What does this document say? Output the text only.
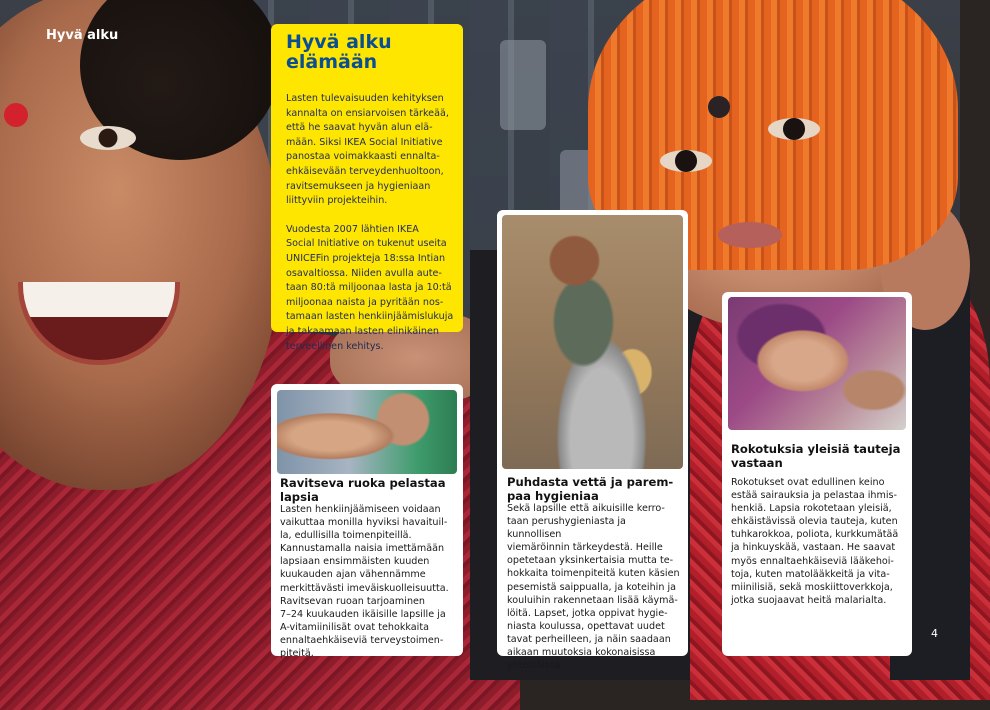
Hyvä alku	Hyvä alku
elämään

Lasten tulevaisuuden kehityksen
kannalta on ensiarvoisen tärkeää,
että he saavat hyvän alun elä-
mään. Siksi IKEA Social Initiative
panostaa voimakkaasti ennalta-
ehkäisevään terveydenhuoltoon,
ravitsemukseen ja hygieniaan
liittyviin projekteihin.

Vuodesta 2007 lähtien IKEA
Social Initiative on tukenut useita
UNICEFin projekteja 18:ssa Intian
osavaltiossa. Niiden avulla aute-
taan 80:tä miljoonaa lasta ja 10:tä
miljoonaa naista ja pyritään nos-
tamaan lasten henkiinjäämislukuja
ja takaamaan lasten elinikäinen
terveellinen kehitys.

Ravitseva ruoka pelastaa
lapsia

Lasten henkiinjäämiseen voidaan
vaikuttaa monilla hyviksi havaituil-
la, edullisilla toimenpiteillä.
Kannustamalla naisia imettämään
lapsiaan ensimmäisten kuuden
kuukauden ajan vähennämme
merkittävästi imeväiskuolleisuutta.
Ravitsevan ruoan tarjoaminen
7–24 kuukauden ikäisille lapsille ja
A-vitamiinilisät ovat tehokkaita
ennaltaehkäiseviä terveystoimen-
piteitä.

Puhdasta vettä ja parem-
paa hygieniaa

Sekä lapsille että aikuisille kerro-
taan perushygieniasta ja kunnollisen
viemäröinnin tärkeydestä. Heille
opetetaan yksinkertaisia mutta te-
hokkaita toimenpiteitä kuten käsien
pesemistä saippualla, ja koteihin ja
kouluihin rakennetaan lisää käymä-
löitä. Lapset, jotka oppivat hygie-
niasta koulussa, opettavat uudet
tavat perheilleen, ja näin saadaan
aikaan muutoksia kokonaisissa
yhteisöissä.

Rokotuksia yleisiä tauteja
vastaan

Rokotukset ovat edullinen keino
estää sairauksia ja pelastaa ihmis-
henkiä. Lapsia rokotetaan yleisiä,
ehkäistävissä olevia tauteja, kuten
tuhkarokkoa, poliota, kurkkumätää
ja hinkuyskää, vastaan. He saavat
myös ennaltaehkäiseviä lääkehoi-
toja, kuten matolääkkeitä ja vita-
miinilisiä, sekä moskiittoverkkoja,
jotka suojaavat heitä malarialta.

4
